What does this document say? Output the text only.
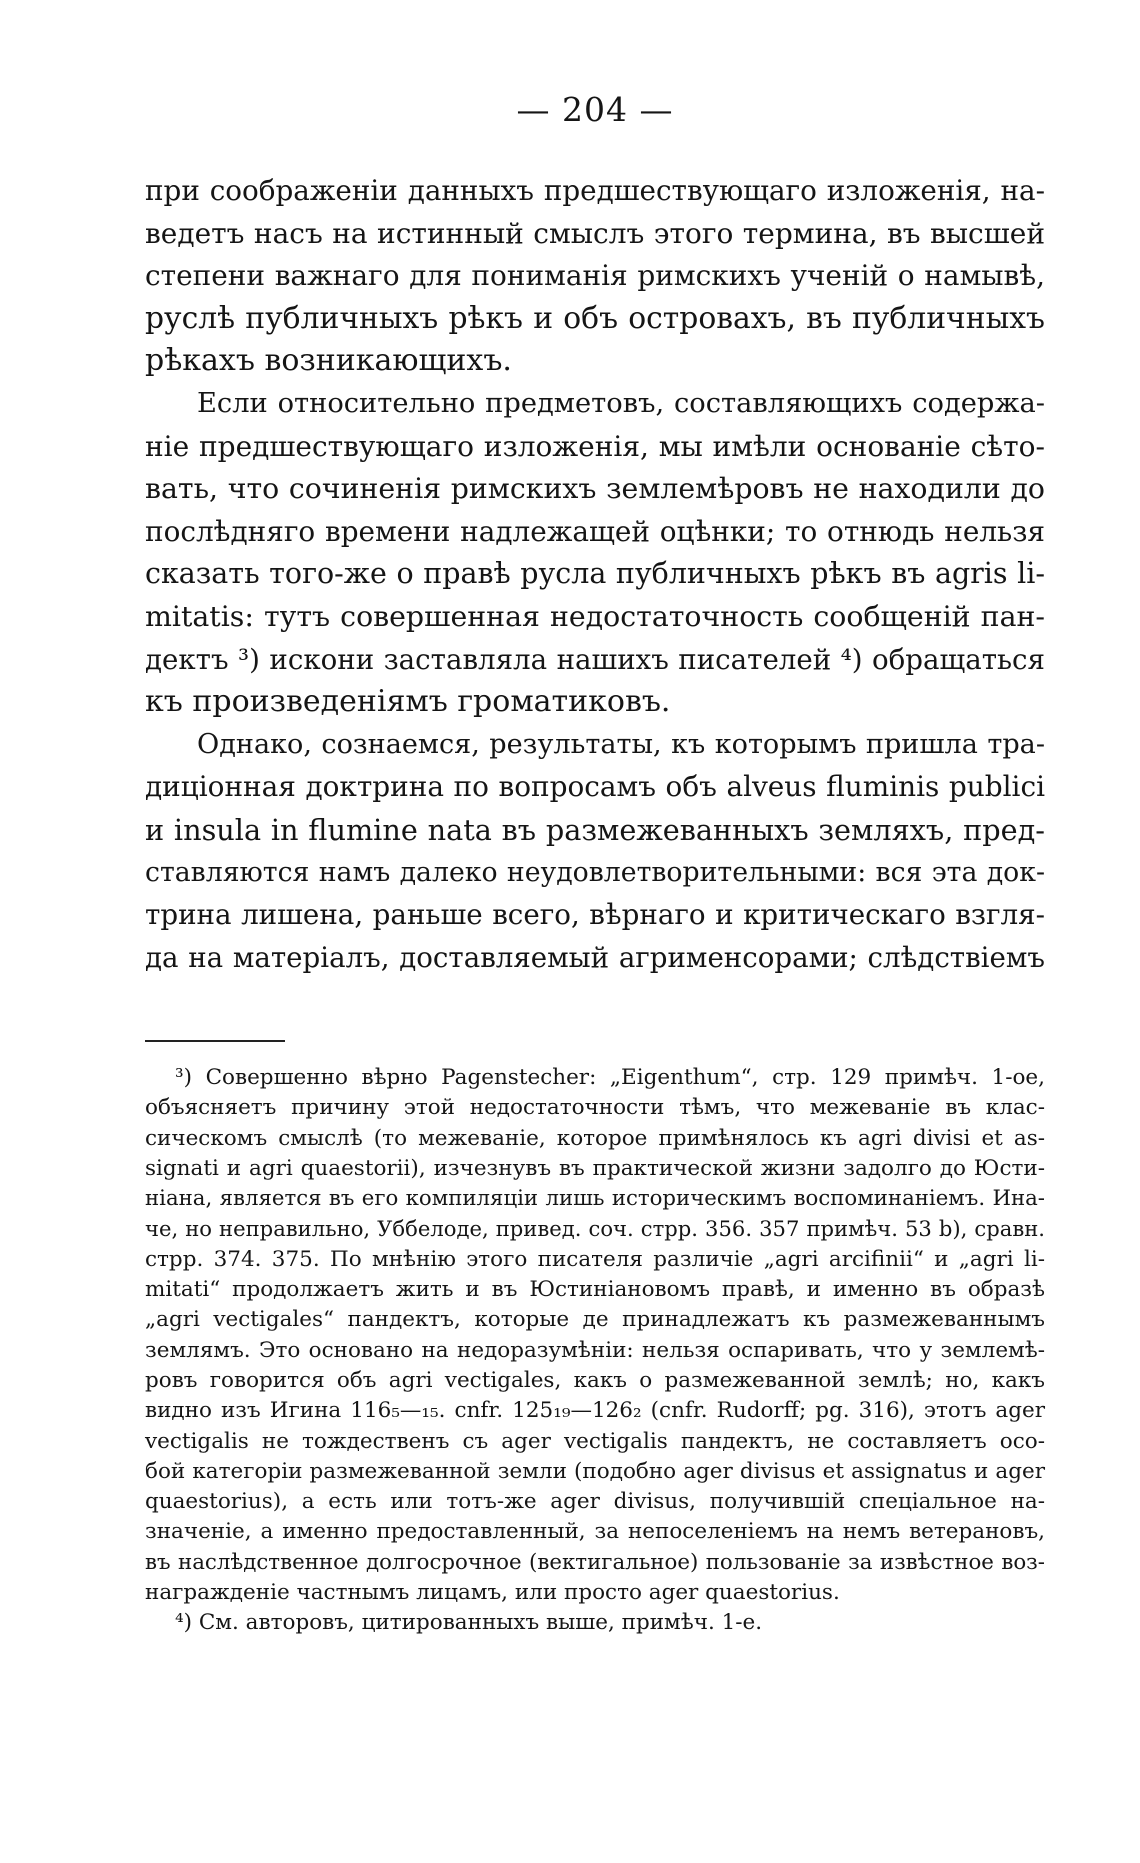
— 204 —
при соображеніи данныхъ предшествующаго изложенія, на-
ведетъ насъ на истинный смыслъ этого термина, въ высшей
степени важнаго для пониманія римскихъ ученій о намывѣ,
руслѣ публичныхъ рѣкъ и объ островахъ, въ публичныхъ
рѣкахъ возникающихъ.
Если относительно предметовъ, составляющихъ содержа-
ніе предшествующаго изложенія, мы имѣли основаніе сѣто-
вать, что сочиненія римскихъ землемѣровъ не находили до
послѣдняго времени надлежащей оцѣнки; то отнюдь нельзя
сказать того-же о правѣ русла публичныхъ рѣкъ въ agris li-
mitatis: тутъ совершенная недостаточность сообщеній пан-
дектъ ³) искони заставляла нашихъ писателей ⁴) обращаться
къ произведеніямъ громатиковъ.
Однако, сознаемся, результаты, къ которымъ пришла тра-
диціонная доктрина по вопросамъ объ alveus fluminis publici
и insula in flumine nata въ размежеванныхъ земляхъ, пред-
ставляются намъ далеко неудовлетворительными: вся эта док-
трина лишена, раньше всего, вѣрнаго и критическаго взгля-
да на матеріалъ, доставляемый агрименсорами; слѣдствіемъ
³) Совершенно вѣрно Pagenstecher: „Eigenthum“, стр. 129 примѣч. 1-ое,
объясняетъ причину этой недостаточности тѣмъ, что межеваніе въ клас-
сическомъ смыслѣ (то межеваніе, которое примѣнялось къ agri divisi et as-
signati и agri quaestorii), изчезнувъ въ практической жизни задолго до Юсти-
ніана, является въ его компиляціи лишь историческимъ воспоминаніемъ. Ина-
че, но неправильно, Уббелоде, привед. соч. стрр. 356. 357 примѣч. 53 b), сравн.
стрр. 374. 375. По мнѣнію этого писателя различіе „agri arcifinii“ и „agri li-
mitati“ продолжаетъ жить и въ Юстиніановомъ правѣ, и именно въ образѣ
„agri vectigales“ пандектъ, которые де принадлежатъ къ размежеваннымъ
землямъ. Это основано на недоразумѣніи: нельзя оспаривать, что у землемѣ-
ровъ говорится объ agri vectigales, какъ о размежеванной землѣ; но, какъ
видно изъ Игина 116₅—₁₅. cnfr. 125₁₉—126₂ (cnfr. Rudorff; pg. 316), этотъ ager
vectigalis не тождественъ съ ager vectigalis пандектъ, не составляетъ осо-
бой категоріи размежеванной земли (подобно ager divisus et assignatus и ager
quaestorius), а есть или тотъ-же ager divisus, получившій спеціальное на-
значеніе, а именно предоставленный, за непоселеніемъ на немъ ветерановъ,
въ наслѣдственное долгосрочное (вектигальное) пользованіе за извѣстное воз-
награжденіе частнымъ лицамъ, или просто ager quaestorius.
⁴) См. авторовъ, цитированныхъ выше, примѣч. 1-е.
